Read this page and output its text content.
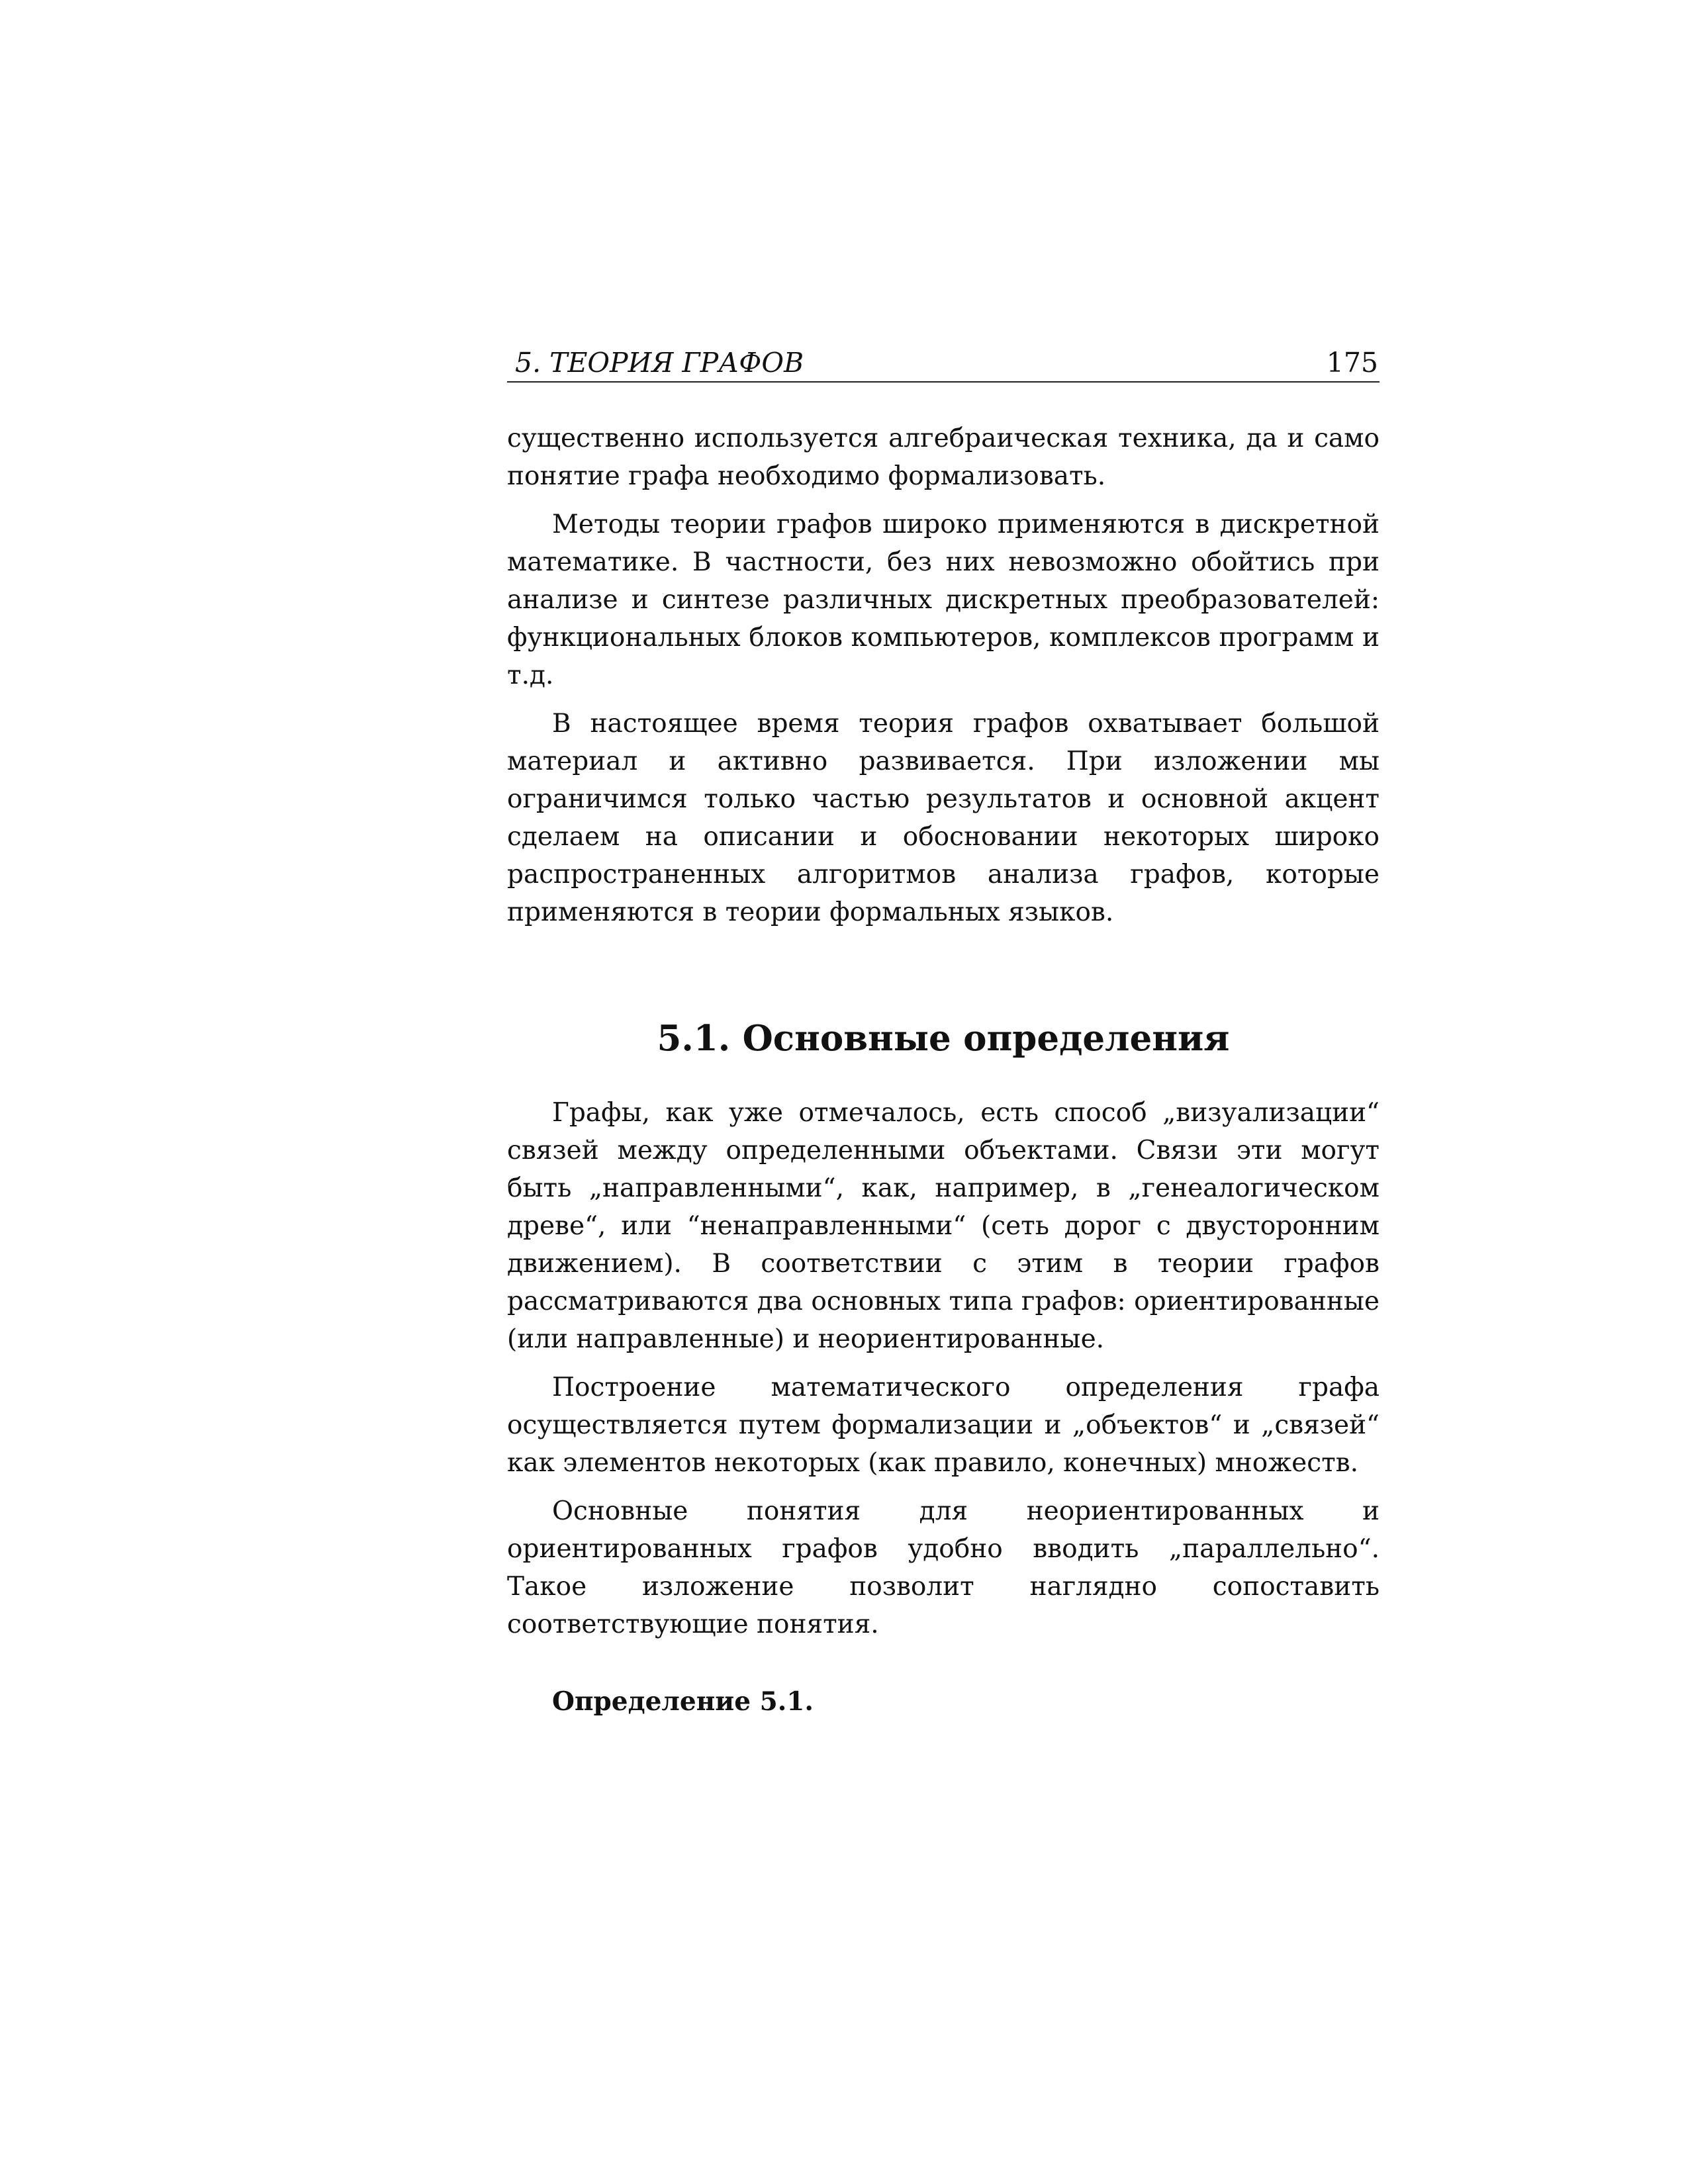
5. ТЕОРИЯ ГРАФОВ	175

существенно используется алгебраическая техника, да и само понятие графа необходимо формализовать.

Методы теории графов широко применяются в дискретной математике. В частности, без них невозможно обойтись при анализе и синтезе различных дискретных преобразователей: функциональных блоков компьютеров, комплексов программ и т.д.

В настоящее время теория графов охватывает большой материал и активно развивается. При изложении мы ограничимся только частью результатов и основной акцент сделаем на описании и обосновании некоторых широко распространенных алгоритмов анализа графов, которые применяются в теории формальных языков.

5.1. Основные определения

Графы, как уже отмечалось, есть способ „визуализации“ связей между определенными объектами. Связи эти могут быть „направленными“, как, например, в „генеалогическом древе“, или “ненаправленными“ (сеть дорог с двусторонним движением). В соответствии с этим в теории графов рассматриваются два основных типа графов: ориентированные (или направленные) и неориентированные.

Построение математического определения графа осуществляется путем формализации и „объектов“ и „связей“ как элементов некоторых (как правило, конечных) множеств.

Основные понятия для неориентированных и ориентированных графов удобно вводить „параллельно“. Такое изложение позволит наглядно сопоставить соответствующие понятия.

Определение 5.1.
